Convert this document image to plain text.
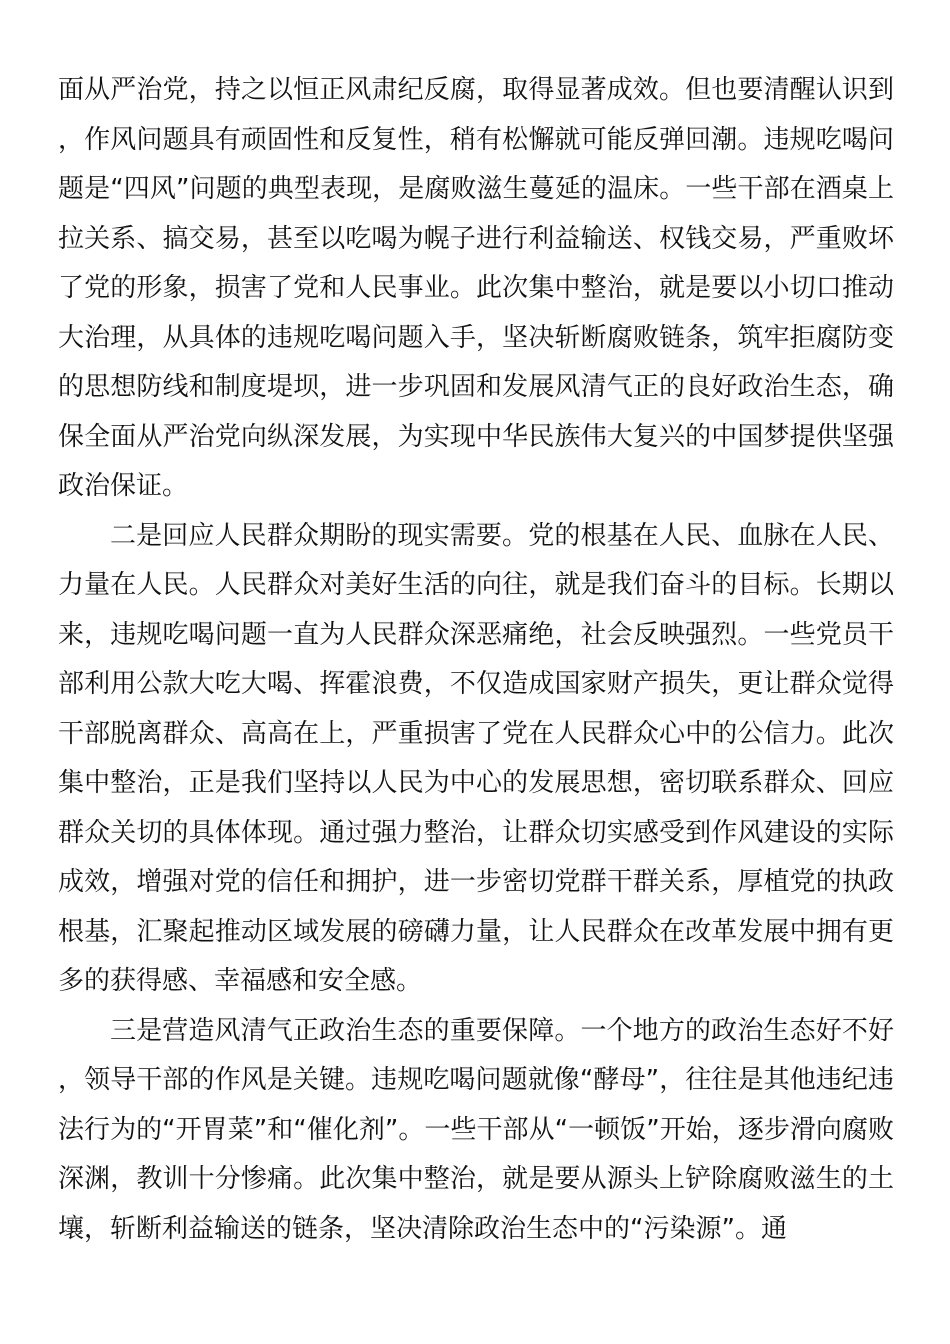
面从严治党，持之以恒正风肃纪反腐，取得显著成效。但也要清醒认识到，作风问题具有顽固性和反复性，稍有松懈就可能反弹回潮。违规吃喝问题是“四风”问题的典型表现，是腐败滋生蔓延的温床。一些干部在酒桌上拉关系、搞交易，甚至以吃喝为幌子进行利益输送、权钱交易，严重败坏了党的形象，损害了党和人民事业。此次集中整治，就是要以小切口推动大治理，从具体的违规吃喝问题入手，坚决斩断腐败链条，筑牢拒腐防变的思想防线和制度堤坝，进一步巩固和发展风清气正的良好政治生态，确保全面从严治党向纵深发展，为实现中华民族伟大复兴的中国梦提供坚强政治保证。

二是回应人民群众期盼的现实需要。党的根基在人民、血脉在人民、力量在人民。人民群众对美好生活的向往，就是我们奋斗的目标。长期以来，违规吃喝问题一直为人民群众深恶痛绝，社会反映强烈。一些党员干部利用公款大吃大喝、挥霍浪费，不仅造成国家财产损失，更让群众觉得干部脱离群众、高高在上，严重损害了党在人民群众心中的公信力。此次集中整治，正是我们坚持以人民为中心的发展思想，密切联系群众、回应群众关切的具体体现。通过强力整治，让群众切实感受到作风建设的实际成效，增强对党的信任和拥护，进一步密切党群干群关系，厚植党的执政根基，汇聚起推动区域发展的磅礴力量，让人民群众在改革发展中拥有更多的获得感、幸福感和安全感。

三是营造风清气正政治生态的重要保障。一个地方的政治生态好不好，领导干部的作风是关键。违规吃喝问题就像“酵母”，往往是其他违纪违法行为的“开胃菜”和“催化剂”。一些干部从“一顿饭”开始，逐步滑向腐败深渊，教训十分惨痛。此次集中整治，就是要从源头上铲除腐败滋生的土壤，斩断利益输送的链条，坚决清除政治生态中的“污染源”。通
